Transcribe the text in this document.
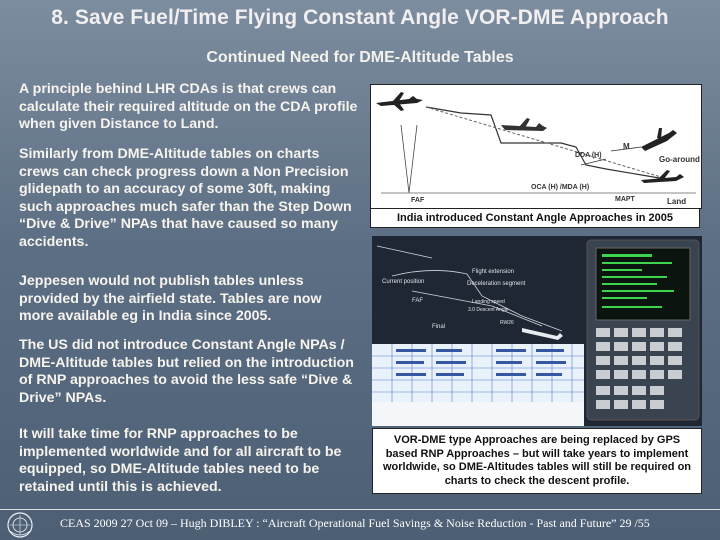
8. Save Fuel/Time Flying Constant Angle VOR-DME Approach
Continued Need for DME-Altitude Tables

A principle behind LHR CDAs is that crews can calculate their required altitude on the CDA profile when given Distance to Land.

Similarly from DME-Altitude tables on charts crews can check progress down a Non Precision glidepath to an accuracy of some 30ft, making such approaches much safer than the Step Down “Dive & Drive” NPAs that have caused so many accidents.

Jeppesen would not publish tables unless provided by the airfield state. Tables are now more available eg in India since 2005.

The US did not introduce Constant Angle NPAs / DME-Altitude tables but relied on the introduction of RNP approaches to avoid the less safe “Dive & Drive” NPAs.

It will take time for RNP approaches to be implemented worldwide and for all aircraft to be equipped, so DME-Altitude tables need to be retained until this is achieved.

FAF
DDA (H)
OCA (H) /MDA (H)
MAPT
M
Go-around
Land
India introduced Constant Angle Approaches in 2005
Current position
Flight extension
Deceleration segment
FAF	Landing speed
3.0 Descent Angle
Final
RW26
VOR-DME type Approaches are being replaced by GPS based RNP Approaches – but will take years to implement worldwide, so DME-Altitudes tables will still be required on charts to check the descent profile.
CEAS 2009 27 Oct 09 – Hugh DIBLEY : “Aircraft Operational Fuel Savings & Noise Reduction - Past and Future” 29 /55
